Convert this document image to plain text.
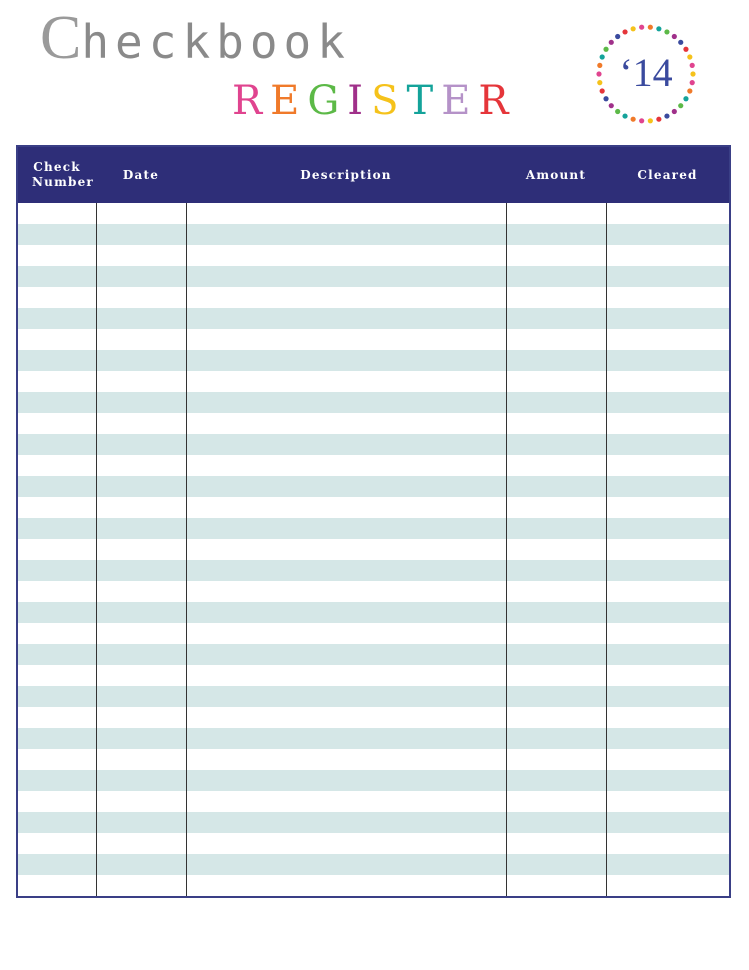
Checkbook
REGISTER
‘14
Check Number	Date	Description	Amount	Cleared
